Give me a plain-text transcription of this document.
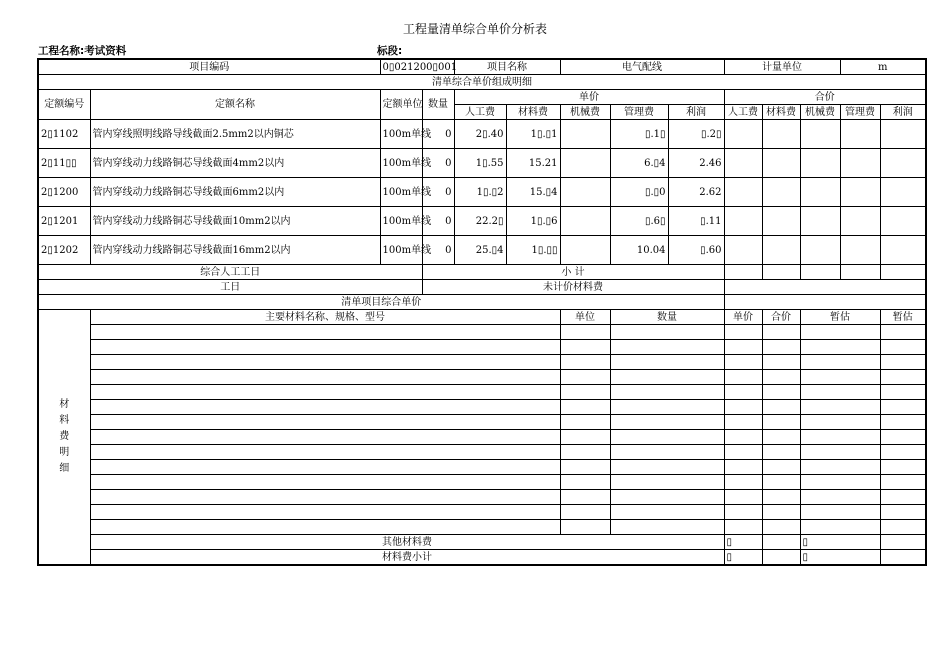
工程量清单综合单价分析表
工程名称:考试资料	标段:
项目编码		0▯021200▯001		项目名称		电气配线			计量单位			m	
清单综合单价组成明细													
定额编号	定额名称	定额单位	数量	单价					合价				
				人工费	材料费	机械费	管理费	利润	人工费	材料费	机械费	管理费	利润
2▯1102	管内穿线照明线路导线截面2.5mm2以内铜芯	100m单线	0	2▯.40	1▯.▯1		▯.1▯	▯.2▯					
2▯11▯▯	管内穿线动力线路铜芯导线截面4mm2以内	100m单线	0	1▯.55	15.21		6.▯4	2.46					
2▯1200	管内穿线动力线路铜芯导线截面6mm2以内	100m单线	0	1▯.▯2	15.▯4		▯.▯0	2.62					
2▯1201	管内穿线动力线路铜芯导线截面10mm2以内	100m单线	0	22.2▯	1▯.▯6		▯.6▯	▯.11					
2▯1202	管内穿线动力线路铜芯导线截面16mm2以内	100m单线	0	25.▯4	1▯.▯▯		10.04	▯.60					
综合人工工日			小 计										
工日			未计价材料费										
清单项目综合单价													

材
料
费
明
细	主要材料名称、规格、型号					单位	数量		单价	合价	暂估		暂估

	其他材料费								▯		▯		
	材料费小计								▯		▯		
